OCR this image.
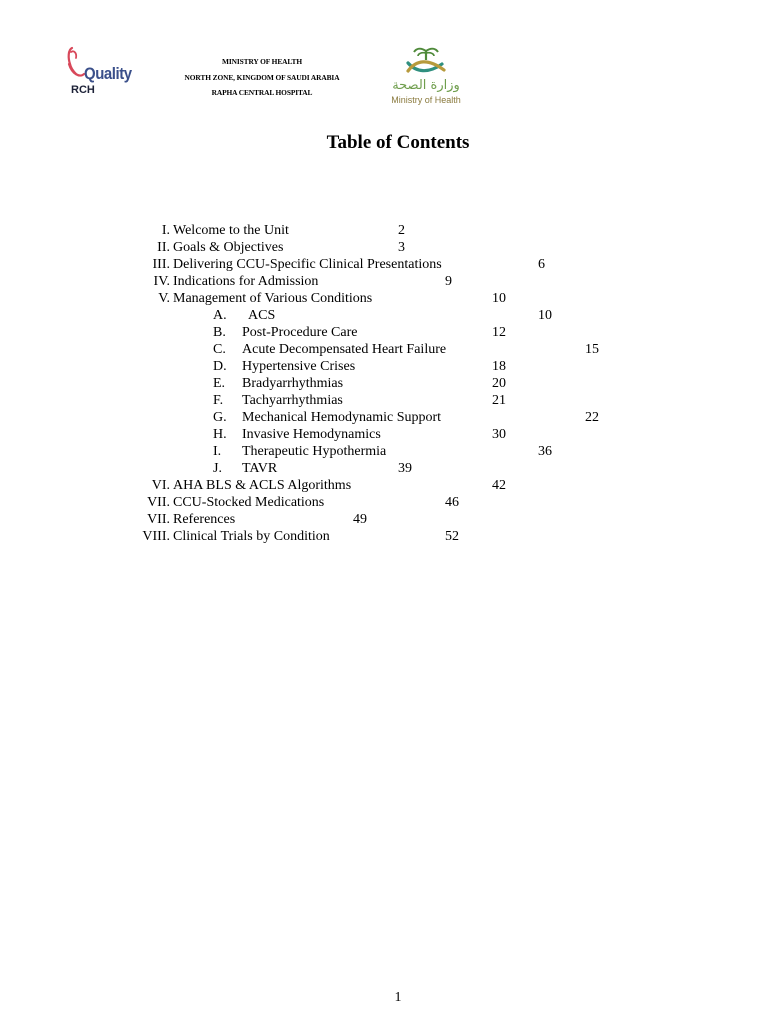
Quality
RCH
MINISTRY OF HEALTH
NORTH ZONE, KINGDOM OF SAUDI ARABIA
RAPHA CENTRAL HOSPITAL	وزارة الصحة
Ministry of Health
Table of Contents
I. Welcome to the Unit	2
II. Goals & Objectives	3
III. Delivering CCU-Specific Clinical Presentations	6
IV. Indications for Admission	9
V. Management of Various Conditions	10
A. ACS	10
B. Post-Procedure Care	12
C. Acute Decompensated Heart Failure	15
D. Hypertensive Crises	18
E. Bradyarrhythmias	20
F. Tachyarrhythmias	21
G. Mechanical Hemodynamic Support	22
H. Invasive Hemodynamics	30
I. Therapeutic Hypothermia	36
J. TAVR	39
VI. AHA BLS & ACLS Algorithms	42
VII. CCU-Stocked Medications	46
VII. References	49
VIII. Clinical Trials by Condition	52
1
